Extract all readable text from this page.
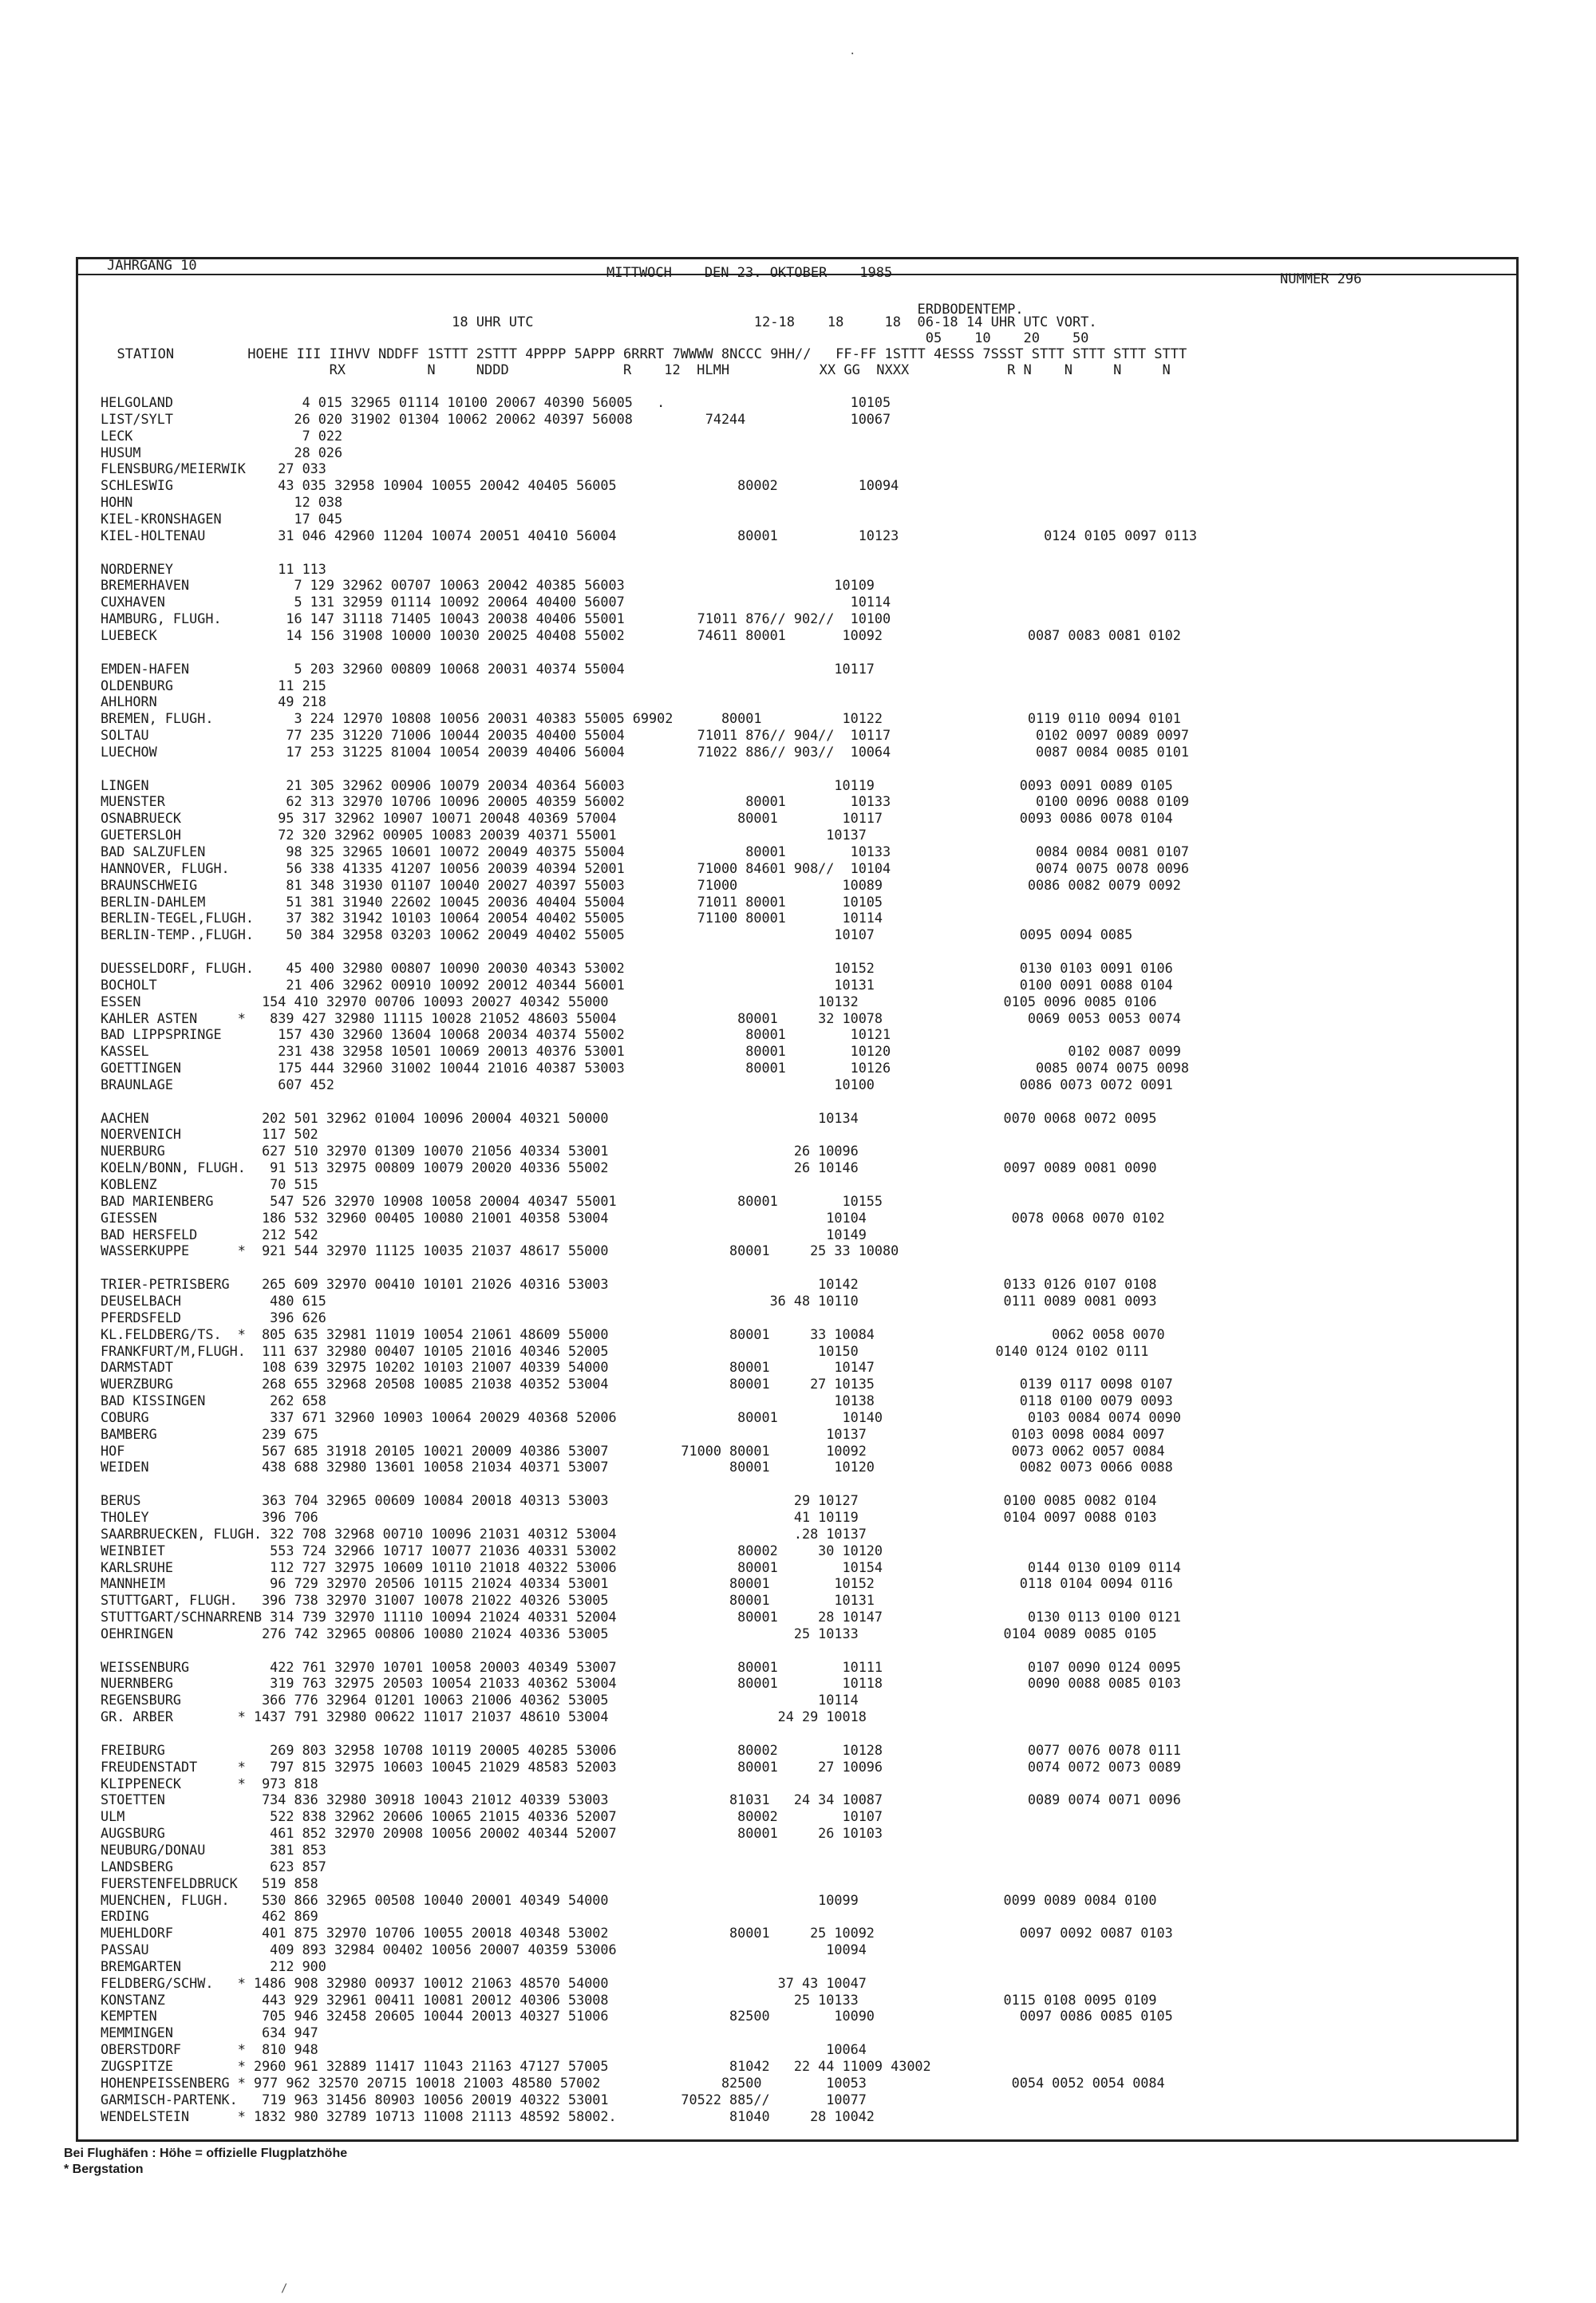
JAHRGANG 10	MITTWOCH    DEN 23. OKTOBER    1985	NUMMER 296
18 UHR UTC                           12-18    18     18  06-18 14 UHR UTC VORT.
ERDBODENTEMP.
05    10    20    50
STATION         HOEHE III IIHVV NDDFF 1STTT 2STTT 4PPPP 5APPP 6RRRT 7WWWW 8NCCC 9HH//   FF-FF 1STTT 4ESSS 7SSST STTT STTT STTT STTT
RX          N     NDDD              R    12  HLMH           XX GG  NXXX            R N    N     N     N
HELGOLAND                4 015 32965 01114 10100 20067 40390 56005   .                       10105
LIST/SYLT               26 020 31902 01304 10062 20062 40397 56008         74244             10067
LECK                     7 022
HUSUM                   28 026
FLENSBURG/MEIERWIK    27 033
SCHLESWIG             43 035 32958 10904 10055 20042 40405 56005               80002          10094
HOHN                    12 038
KIEL-KRONSHAGEN         17 045
KIEL-HOLTENAU         31 046 42960 11204 10074 20051 40410 56004               80001          10123                  0124 0105 0097 0113
NORDERNEY             11 113
BREMERHAVEN             7 129 32962 00707 10063 20042 40385 56003                          10109
CUXHAVEN                5 131 32959 01114 10092 20064 40400 56007                            10114
HAMBURG, FLUGH.        16 147 31118 71405 10043 20038 40406 55001         71011 876// 902//  10100
LUEBECK                14 156 31908 10000 10030 20025 40408 55002         74611 80001       10092                  0087 0083 0081 0102
EMDEN-HAFEN             5 203 32960 00809 10068 20031 40374 55004                          10117
OLDENBURG             11 215
AHLHORN               49 218
BREMEN, FLUGH.          3 224 12970 10808 10056 20031 40383 55005 69902      80001          10122                  0119 0110 0094 0101
SOLTAU                 77 235 31220 71006 10044 20035 40400 55004         71011 876// 904//  10117                  0102 0097 0089 0097
LUECHOW                17 253 31225 81004 10054 20039 40406 56004         71022 886// 903//  10064                  0087 0084 0085 0101
LINGEN                 21 305 32962 00906 10079 20034 40364 56003                          10119                  0093 0091 0089 0105
MUENSTER               62 313 32970 10706 10096 20005 40359 56002               80001        10133                  0100 0096 0088 0109
OSNABRUECK            95 317 32962 10907 10071 20048 40369 57004               80001        10117                 0093 0086 0078 0104
GUETERSLOH            72 320 32962 00905 10083 20039 40371 55001                          10137
BAD SALZUFLEN          98 325 32965 10601 10072 20049 40375 55004               80001        10133                  0084 0084 0081 0107
HANNOVER, FLUGH.       56 338 41335 41207 10056 20039 40394 52001         71000 84601 908//  10104                  0074 0075 0078 0096
BRAUNSCHWEIG           81 348 31930 01107 10040 20027 40397 55003         71000             10089                  0086 0082 0079 0092
BERLIN-DAHLEM          51 381 31940 22602 10045 20036 40404 55004         71011 80001       10105
BERLIN-TEGEL,FLUGH.    37 382 31942 10103 10064 20054 40402 55005         71100 80001       10114
BERLIN-TEMP.,FLUGH.    50 384 32958 03203 10062 20049 40402 55005                          10107                  0095 0094 0085
DUESSELDORF, FLUGH.    45 400 32980 00807 10090 20030 40343 53002                          10152                  0130 0103 0091 0106
BOCHOLT                21 406 32962 00910 10092 20012 40344 56001                          10131                  0100 0091 0088 0104
ESSEN               154 410 32970 00706 10093 20027 40342 55000                          10132                  0105 0096 0085 0106
KAHLER ASTEN     *   839 427 32980 11115 10028 21052 48603 55004               80001     32 10078                  0069 0053 0053 0074
BAD LIPPSPRINGE       157 430 32960 13604 10068 20034 40374 55002               80001        10121
KASSEL                231 438 32958 10501 10069 20013 40376 53001               80001        10120                      0102 0087 0099
GOETTINGEN            175 444 32960 31002 10044 21016 40387 53003               80001        10126                  0085 0074 0075 0098
BRAUNLAGE             607 452                                                              10100                  0086 0073 0072 0091
AACHEN              202 501 32962 01004 10096 20004 40321 50000                          10134                  0070 0068 0072 0095
NOERVENICH          117 502
NUERBURG            627 510 32970 01309 10070 21056 40334 53001                       26 10096
KOELN/BONN, FLUGH.   91 513 32975 00809 10079 20020 40336 55002                       26 10146                  0097 0089 0081 0090
KOBLENZ              70 515
BAD MARIENBERG       547 526 32970 10908 10058 20004 40347 55001               80001        10155
GIESSEN             186 532 32960 00405 10080 21001 40358 53004                           10104                  0078 0068 0070 0102
BAD HERSFELD        212 542                                                               10149
WASSERKUPPE      *  921 544 32970 11125 10035 21037 48617 55000               80001     25 33 10080
TRIER-PETRISBERG    265 609 32970 00410 10101 21026 40316 53003                          10142                  0133 0126 0107 0108
DEUSELBACH           480 615                                                       36 48 10110                  0111 0089 0081 0093
PFERDSFELD           396 626
KL.FELDBERG/TS.  *  805 635 32981 11019 10054 21061 48609 55000               80001     33 10084                      0062 0058 0070
FRANKFURT/M,FLUGH.  111 637 32980 00407 10105 21016 40346 52005                          10150                 0140 0124 0102 0111
DARMSTADT           108 639 32975 10202 10103 21007 40339 54000               80001        10147
WUERZBURG           268 655 32968 20508 10085 21038 40352 53004               80001     27 10135                  0139 0117 0098 0107
BAD KISSINGEN        262 658                                                               10138                  0118 0100 0079 0093
COBURG               337 671 32960 10903 10064 20029 40368 52006               80001        10140                  0103 0084 0074 0090
BAMBERG             239 675                                                               10137                  0103 0098 0084 0097
HOF                 567 685 31918 20105 10021 20009 40386 53007         71000 80001       10092                  0073 0062 0057 0084
WEIDEN              438 688 32980 13601 10058 21034 40371 53007               80001        10120                  0082 0073 0066 0088
BERUS               363 704 32965 00609 10084 20018 40313 53003                       29 10127                  0100 0085 0082 0104
THOLEY              396 706                                                           41 10119                  0104 0097 0088 0103
SAARBRUECKEN, FLUGH. 322 708 32968 00710 10096 21031 40312 53004                      .28 10137
WEINBIET             553 724 32966 10717 10077 21036 40331 53002               80002     30 10120
KARLSRUHE            112 727 32975 10609 10110 21018 40322 53006               80001        10154                  0144 0130 0109 0114
MANNHEIM             96 729 32970 20506 10115 21024 40334 53001               80001        10152                  0118 0104 0094 0116
STUTTGART, FLUGH.   396 738 32970 31007 10078 21022 40326 53005               80001        10131
STUTTGART/SCHNARRENB 314 739 32970 11110 10094 21024 40331 52004               80001     28 10147                  0130 0113 0100 0121
OEHRINGEN           276 742 32965 00806 10080 21024 40336 53005                       25 10133                  0104 0089 0085 0105
WEISSENBURG          422 761 32970 10701 10058 20003 40349 53007               80001        10111                  0107 0090 0124 0095
NUERNBERG            319 763 32975 20503 10054 21033 40362 53004               80001        10118                  0090 0088 0085 0103
REGENSBURG          366 776 32964 01201 10063 21006 40362 53005                          10114
GR. ARBER        * 1437 791 32980 00622 11017 21037 48610 53004                     24 29 10018
FREIBURG             269 803 32958 10708 10119 20005 40285 53006               80002        10128                  0077 0076 0078 0111
FREUDENSTADT     *   797 815 32975 10603 10045 21029 48583 52003               80001     27 10096                  0074 0072 0073 0089
KLIPPENECK       *  973 818
STOETTEN            734 836 32980 30918 10043 21012 40339 53003               81031   24 34 10087                  0089 0074 0071 0096
ULM                  522 838 32962 20606 10065 21015 40336 52007               80002        10107
AUGSBURG             461 852 32970 20908 10056 20002 40344 52007               80001     26 10103
NEUBURG/DONAU        381 853
LANDSBERG            623 857
FUERSTENFELDBRUCK   519 858
MUENCHEN, FLUGH.    530 866 32965 00508 10040 20001 40349 54000                          10099                  0099 0089 0084 0100
ERDING              462 869
MUEHLDORF           401 875 32970 10706 10055 20018 40348 53002               80001     25 10092                  0097 0092 0087 0103
PASSAU               409 893 32984 00402 10056 20007 40359 53006                          10094
BREMGARTEN           212 900
FELDBERG/SCHW.   * 1486 908 32980 00937 10012 21063 48570 54000                     37 43 10047
KONSTANZ            443 929 32961 00411 10081 20012 40306 53008                       25 10133                  0115 0108 0095 0109
KEMPTEN             705 946 32458 20605 10044 20013 40327 51006               82500        10090                  0097 0086 0085 0105
MEMMINGEN           634 947
OBERSTDORF       *  810 948                                                               10064
ZUGSPITZE        * 2960 961 32889 11417 11043 21163 47127 57005               81042   22 44 11009 43002
HOHENPEISSENBERG * 977 962 32570 20715 10018 21003 48580 57002               82500        10053                  0054 0052 0054 0084
GARMISCH-PARTENK.   719 963 31456 80903 10056 20019 40322 53001         70522 885//       10077
WENDELSTEIN      * 1832 980 32789 10713 11008 21113 48592 58002.              81040     28 10042
Bei Flughäfen : Höhe = offizielle Flugplatzhöhe
* Bergstation
·
/
